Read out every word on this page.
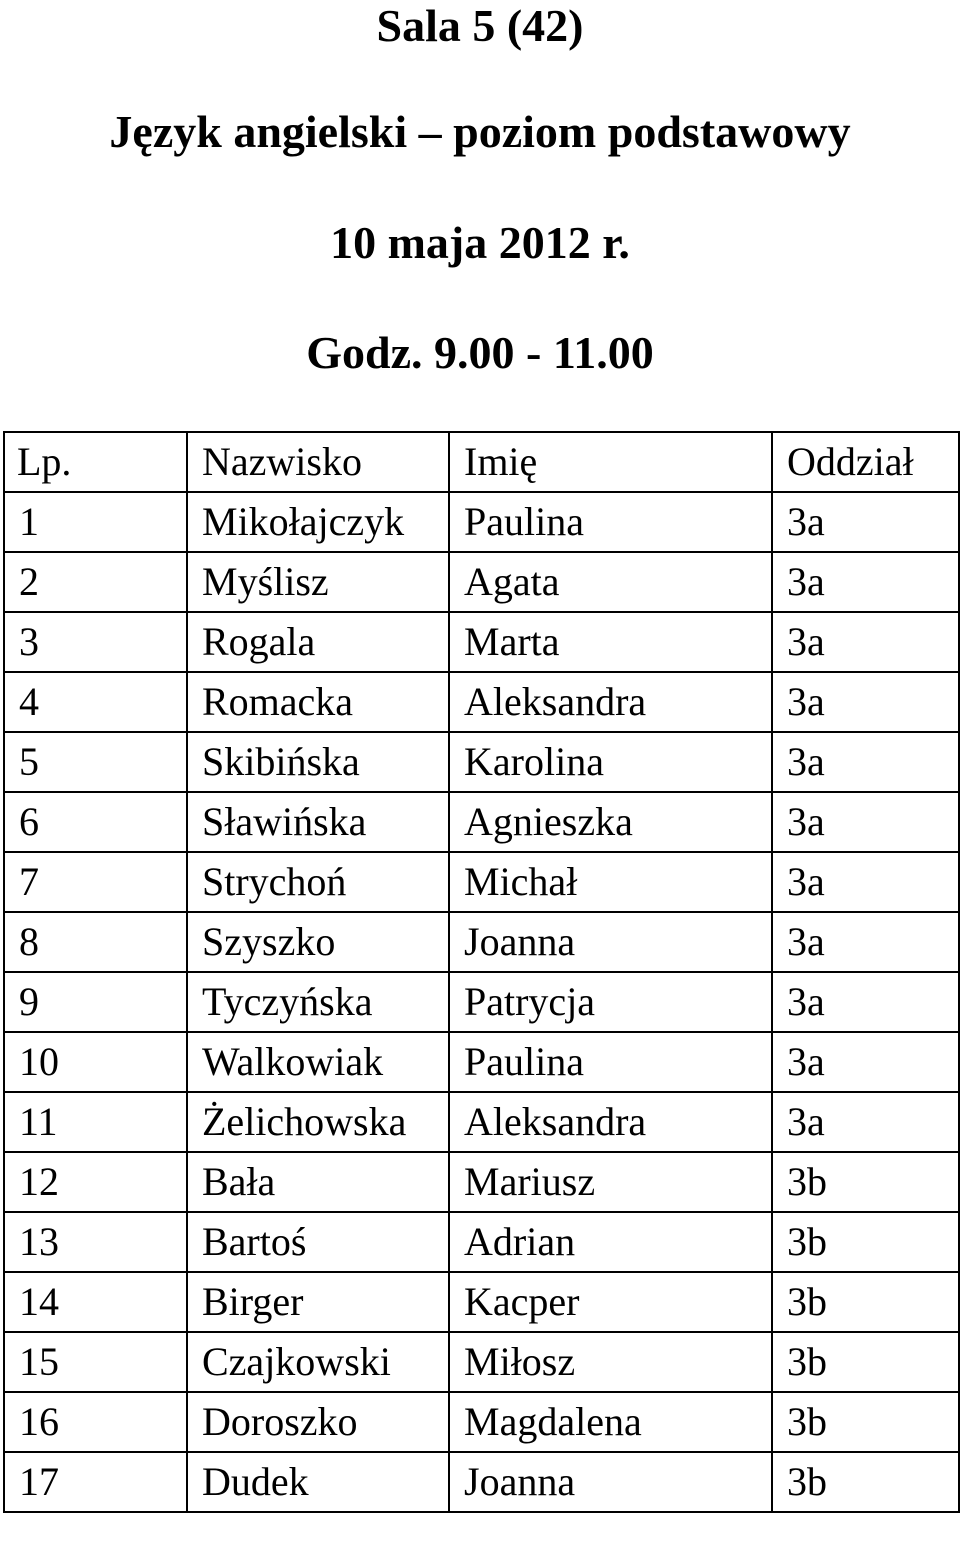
Sala 5 (42)
Język angielski – poziom podstawowy
10 maja 2012 r.
Godz. 9.00 - 11.00
Lp.	Nazwisko	Imię	Oddział
1	Mikołajczyk	Paulina	3a
2	Myślisz	Agata	3a
3	Rogala	Marta	3a
4	Romacka	Aleksandra	3a
5	Skibińska	Karolina	3a
6	Sławińska	Agnieszka	3a
7	Strychoń	Michał	3a
8	Szyszko	Joanna	3a
9	Tyczyńska	Patrycja	3a
10	Walkowiak	Paulina	3a
11	Żelichowska	Aleksandra	3a
12	Bała	Mariusz	3b
13	Bartoś	Adrian	3b
14	Birger	Kacper	3b
15	Czajkowski	Miłosz	3b
16	Doroszko	Magdalena	3b
17	Dudek	Joanna	3b
